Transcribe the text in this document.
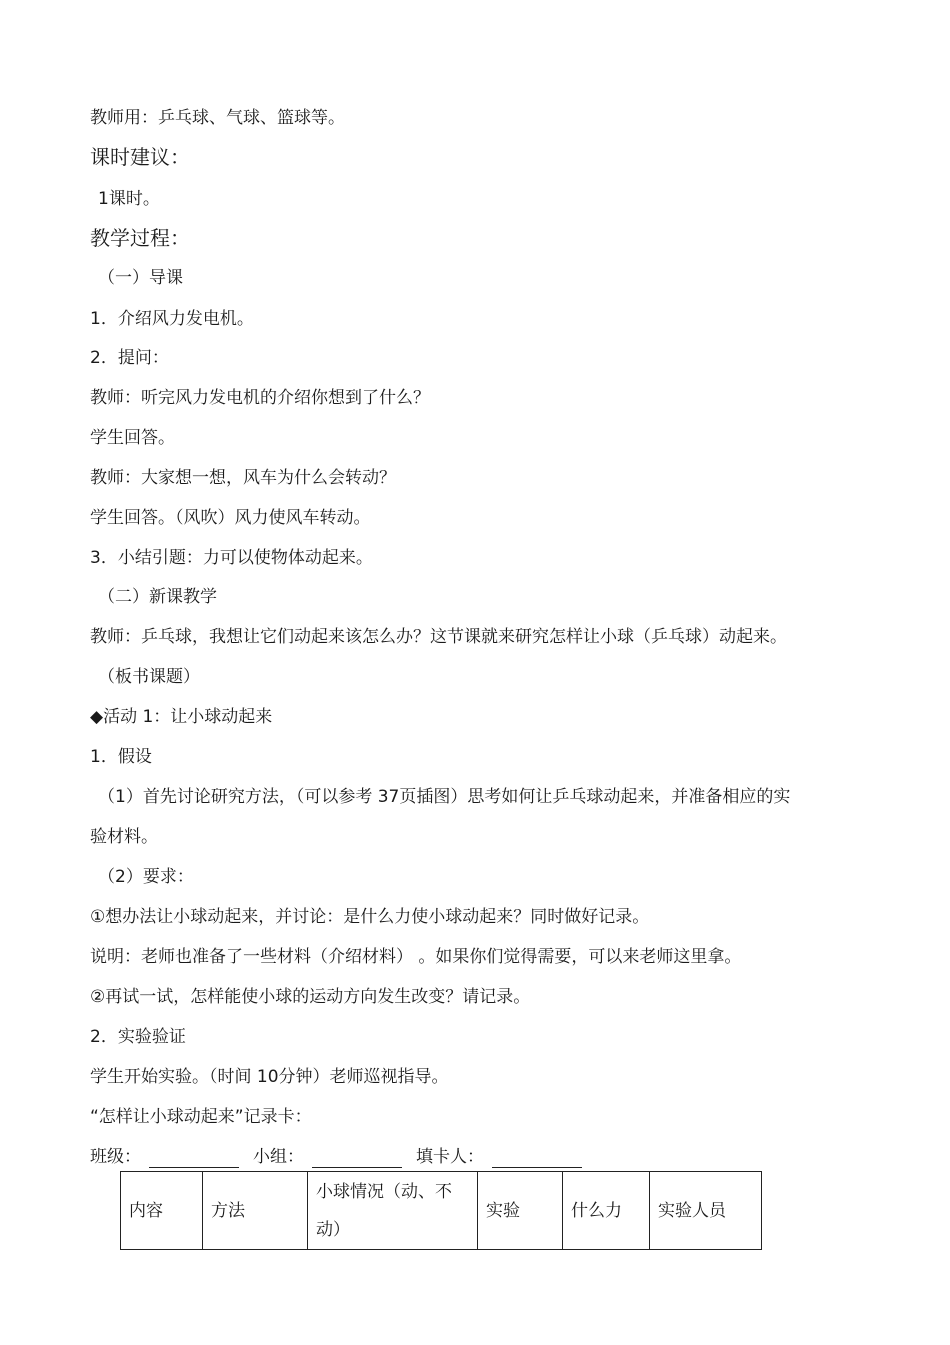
教师用：乒乓球、气球、篮球等。
课时建议：
1课时。
教学过程：
（一）导课
1．介绍风力发电机。
2．提问：
教师：听完风力发电机的介绍你想到了什么？
学生回答。
教师：大家想一想，风车为什么会转动？
学生回答。（风吹）风力使风车转动。
3．小结引题：力可以使物体动起来。
（二）新课教学
教师：乒乓球，我想让它们动起来该怎么办？这节课就来研究怎样让小球（乒乓球）动起来。
（板书课题）
◆活动 1：让小球动起来
1．假设
（1）首先讨论研究方法，（可以参考 37页插图）思考如何让乒乓球动起来，并准备相应的实
验材料。
（2）要求：
①想办法让小球动起来，并讨论：是什么力使小球动起来？同时做好记录。
说明：老师也准备了一些材料（介绍材料） 。如果你们觉得需要，可以来老师这里拿。
②再试一试，怎样能使小球的运动方向发生改变？请记录。
2．实验验证
学生开始实验。（时间 10分钟）老师巡视指导。
“怎样让小球动起来”记录卡：
班级：	小组：	填卡人：
内容	方法	小球情况（动、不动）	实验	什么力	实验人员
